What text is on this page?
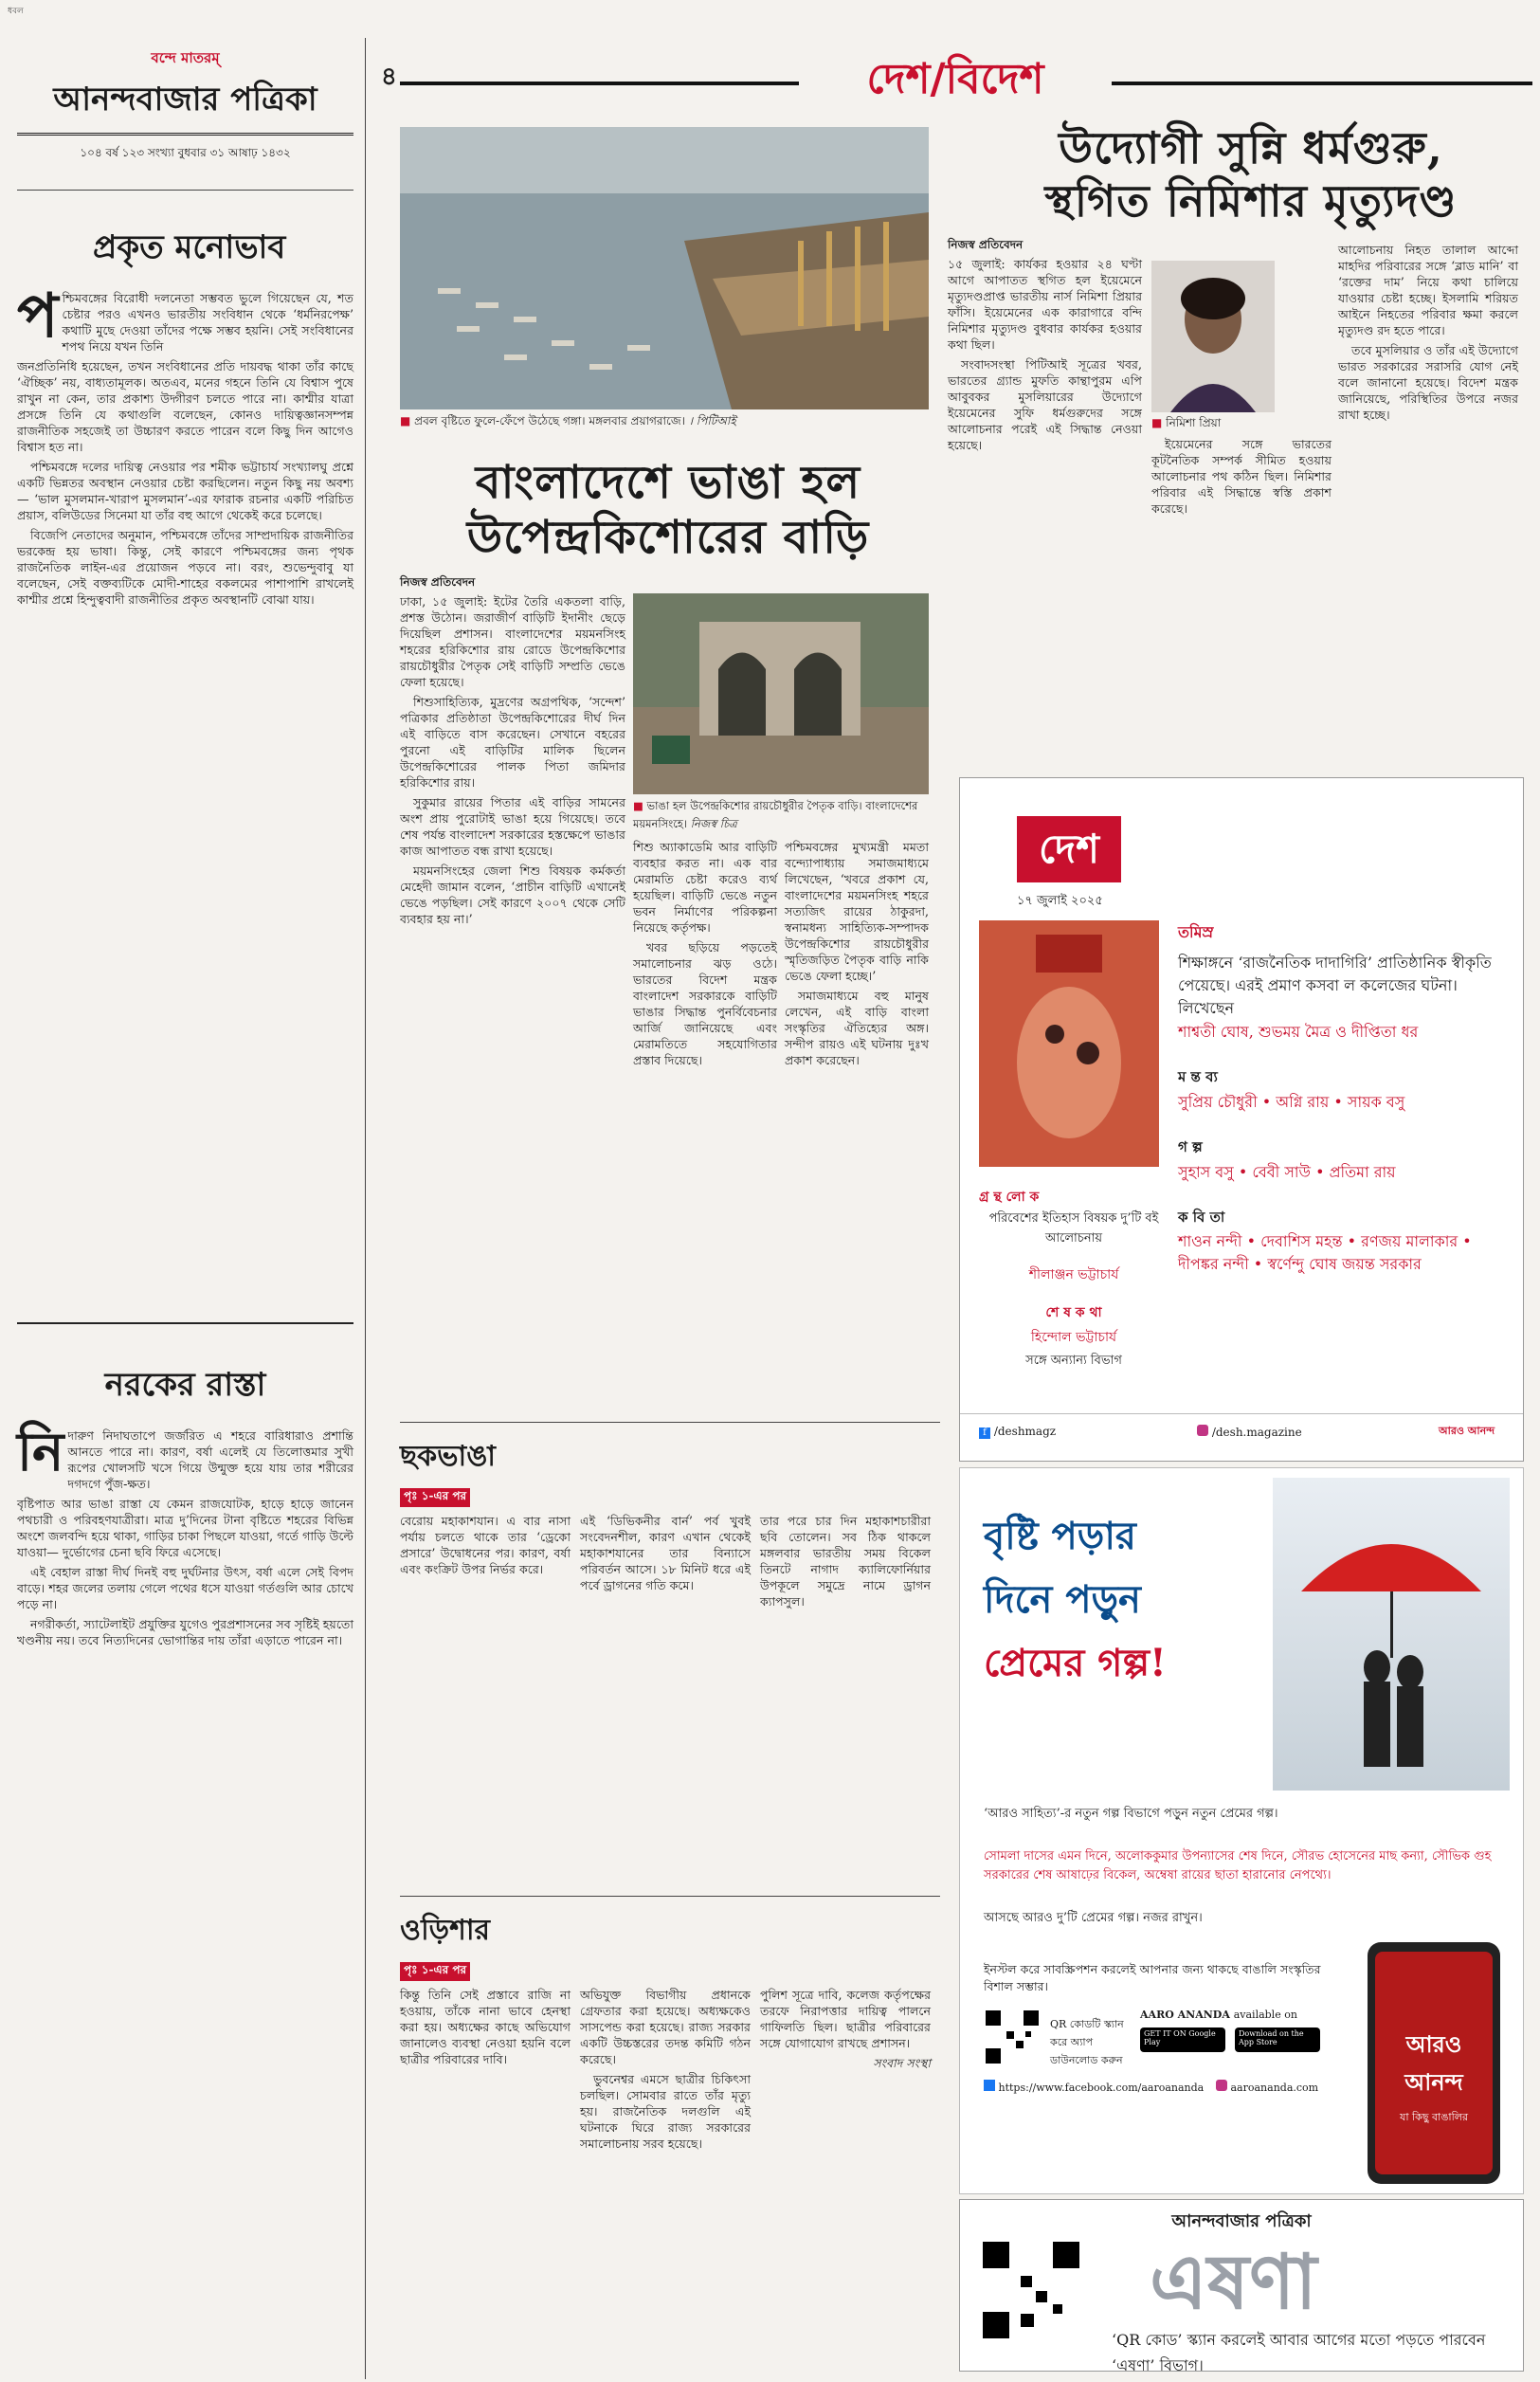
ধবল
৪	দেশ/বিদেশ
বন্দে মাতরম্
আনন্দবাজার পত্রিকা
১০৪ বর্ষ ১২৩ সংখ্যা বুধবার ৩১ আষাঢ় ১৪৩২
প্রকৃত মনোভাব
প শ্চিমবঙ্গের বিরোধী দলনেতা সম্ভবত ভুলে গিয়েছেন যে, শত চেষ্টার পরও এখনও ভারতীয় সংবিধান থেকে ‘ধর্মনিরপেক্ষ’ কথাটি মুছে দেওয়া তাঁদের পক্ষে সম্ভব হয়নি। সেই সংবিধানের শপথ নিয়ে যখন তিনি

জনপ্রতিনিধি হয়েছেন, তখন সংবিধানের প্রতি দায়বদ্ধ থাকা তাঁর কাছে ‘ঐচ্ছিক’ নয়, বাধ্যতামূলক। অতএব, মনের গহনে তিনি যে বিশ্বাস পুষে রাখুন না কেন, তার প্রকাশ্য উদ্গীরণ চলতে পারে না। কাশ্মীর যাত্রা প্রসঙ্গে তিনি যে কথাগুলি বলেছেন, কোনও দায়িত্বজ্ঞানসম্পন্ন রাজনীতিক সহজেই তা উচ্চারণ করতে পারেন বলে কিছু দিন আগেও বিশ্বাস হত না।

পশ্চিমবঙ্গে দলের দায়িত্ব নেওয়ার পর শমীক ভট্টাচার্য সংখ্যালঘু প্রশ্নে একটি ভিন্নতর অবস্থান নেওয়ার চেষ্টা করছিলেন। নতুন কিছু নয় অবশ্য— ‘ভাল মুসলমান-খারাপ মুসলমান’-এর ফারাক রচনার একটি পরিচিত প্রয়াস, বলিউডের সিনেমা যা তাঁর বহু আগে থেকেই করে চলেছে।

বিজেপি নেতাদের অনুমান, পশ্চিমবঙ্গে তাঁদের সাম্প্রদায়িক রাজনীতির ভরকেন্দ্র হয় ভাষা। কিন্তু, সেই কারণে পশ্চিমবঙ্গের জন্য পৃথক রাজনৈতিক লাইন-এর প্রয়োজন পড়বে না। বরং, শুভেন্দুবাবু যা বলেছেন, সেই বক্তব্যটিকে মোদী-শাহের বকলমের পাশাপাশি রাখলেই কাশ্মীর প্রশ্নে হিন্দুত্ববাদী রাজনীতির প্রকৃত অবস্থানটি বোঝা যায়।

নরকের রাস্তা
নি দারুণ নিদাঘতাপে জর্জরিত এ শহরে বারিধারাও প্রশান্তি আনতে পারে না। কারণ, বর্ষা এলেই যে তিলোত্তমার সুখী রূপের খোলসটি খসে গিয়ে উন্মুক্ত হয়ে যায় তার শরীরের দগদগে পুঁজ-ক্ষত।

বৃষ্টিপাত আর ভাঙা রাস্তা যে কেমন রাজযোটক, হাড়ে হাড়ে জানেন পথচারী ও পরিবহণযাত্রীরা। মাত্র দু’দিনের টানা বৃষ্টিতে শহরের বিভিন্ন অংশে জলবন্দি হয়ে থাকা, গাড়ির চাকা পিছলে যাওয়া, গর্তে গাড়ি উল্টে যাওয়া— দুর্ভোগের চেনা ছবি ফিরে এসেছে।

এই বেহাল রাস্তা দীর্ঘ দিনই বহু দুর্ঘটনার উৎস, বর্ষা এলে সেই বিপদ বাড়ে। শহর জলের তলায় গেলে পথের ধসে যাওয়া গর্তগুলি আর চোখে পড়ে না।

নগরীকর্তা, স্যাটেলাইট প্রযুক্তির যুগেও পুরপ্রশাসনের সব সৃষ্টিই হয়তো খণ্ডনীয় নয়। তবে নিত্যদিনের ভোগান্তির দায় তাঁরা এড়াতে পারেন না।

■ প্রবল বৃষ্টিতে ফুলে-ফেঁপে উঠেছে গঙ্গা। মঙ্গলবার প্রয়াগরাজে। । পিটিআই
উদ্যোগী সুন্নি ধর্মগুরু,
স্থগিত নিমিশার মৃত্যুদণ্ড
নিজস্ব প্রতিবেদন
■ নিমিশা প্রিয়া

১৫ জুলাই: কার্যকর হওয়ার ২৪ ঘণ্টা আগে আপাতত স্থগিত হল ইয়েমেনে মৃত্যুদণ্ডপ্রাপ্ত ভারতীয় নার্স নিমিশা প্রিয়ার ফাঁসি। ইয়েমেনের এক কারাগারে বন্দি নিমিশার মৃত্যুদণ্ড বুধবার কার্যকর হওয়ার কথা ছিল।

সংবাদসংস্থা পিটিআই সূত্রের খবর, ভারতের গ্র্যান্ড মুফতি কান্থাপুরম এপি আবুবকর মুসলিয়ারের উদ্যোগে ইয়েমেনের সুফি ধর্মগুরুদের সঙ্গে আলোচনার পরেই এই সিদ্ধান্ত নেওয়া হয়েছে।	ইয়েমেনের সঙ্গে ভারতের কূটনৈতিক সম্পর্ক সীমিত হওয়ায় আলোচনার পথ কঠিন ছিল। নিমিশার পরিবার এই সিদ্ধান্তে স্বস্তি প্রকাশ করেছে।

আলোচনায় নিহত তালাল আব্দো মাহদির পরিবারের সঙ্গে ‘ব্লাড মানি’ বা ‘রক্তের দাম’ নিয়ে কথা চালিয়ে যাওয়ার চেষ্টা হচ্ছে। ইসলামি শরিয়ত আইনে নিহতের পরিবার ক্ষমা করলে মৃত্যুদণ্ড রদ হতে পারে।

তবে মুসলিয়ার ও তাঁর এই উদ্যোগে ভারত সরকারের সরাসরি যোগ নেই বলে জানানো হয়েছে। বিদেশ মন্ত্রক জানিয়েছে, পরিস্থিতির উপরে নজর রাখা হচ্ছে।

বাংলাদেশে ভাঙা হল
উপেন্দ্রকিশোরের বাড়ি
নিজস্ব প্রতিবেদন
■ ভাঙা হল উপেন্দ্রকিশোর রায়চৌধুরীর পৈতৃক বাড়ি। বাংলাদেশের ময়মনসিংহে। নিজস্ব চিত্র

ঢাকা, ১৫ জুলাই: ইটের তৈরি একতলা বাড়ি, প্রশস্ত উঠোন। জরাজীর্ণ বাড়িটি ইদানীং ছেড়ে দিয়েছিল প্রশাসন। বাংলাদেশের ময়মনসিংহ শহরের হরিকিশোর রায় রোডে উপেন্দ্রকিশোর রায়চৌধুরীর পৈতৃক সেই বাড়িটি সম্প্রতি ভেঙে ফেলা হয়েছে।

শিশুসাহিত্যিক, মুদ্রণের অগ্রপথিক, ‘সন্দেশ’ পত্রিকার প্রতিষ্ঠাতা উপেন্দ্রকিশোরের দীর্ঘ দিন এই বাড়িতে বাস করেছেন। সেখানে বহরের পুরনো এই বাড়িটির মালিক ছিলেন উপেন্দ্রকিশোরের পালক পিতা জমিদার হরিকিশোর রায়।

সুকুমার রায়ের পিতার এই বাড়ির সামনের অংশ প্রায় পুরোটাই ভাঙা হয়ে গিয়েছে। তবে শেষ পর্যন্ত বাংলাদেশ সরকারের হস্তক্ষেপে ভাঙার কাজ আপাতত বন্ধ রাখা হয়েছে।

ময়মনসিংহের জেলা শিশু বিষয়ক কর্মকর্তা মেহেদী জামান বলেন, ‘প্রাচীন বাড়িটি এখানেই ভেঙে পড়ছিল। সেই কারণে ২০০৭ থেকে সেটি ব্যবহার হয় না।’

শিশু অ্যাকাডেমি আর বাড়িটি ব্যবহার করত না। এক বার মেরামতি চেষ্টা করেও ব্যর্থ হয়েছিল। বাড়িটি ভেঙে নতুন ভবন নির্মাণের পরিকল্পনা নিয়েছে কর্তৃপক্ষ।

খবর ছড়িয়ে পড়তেই সমালোচনার ঝড় ওঠে। ভারতের বিদেশ মন্ত্রক বাংলাদেশ সরকারকে বাড়িটি ভাঙার সিদ্ধান্ত পুনর্বিবেচনার আর্জি জানিয়েছে এবং মেরামতিতে সহযোগিতার প্রস্তাব দিয়েছে।

পশ্চিমবঙ্গের মুখ্যমন্ত্রী মমতা বন্দ্যোপাধ্যায় সমাজমাধ্যমে লিখেছেন, ‘খবরে প্রকাশ যে, বাংলাদেশের ময়মনসিংহ শহরে সত্যজিৎ রায়ের ঠাকুরদা, স্বনামধন্য সাহিত্যিক-সম্পাদক উপেন্দ্রকিশোর রায়চৌধুরীর স্মৃতিজড়িত পৈতৃক বাড়ি নাকি ভেঙে ফেলা হচ্ছে।’

সমাজমাধ্যমে বহু মানুষ লেখেন, এই বাড়ি বাংলা সংস্কৃতির ঐতিহ্যের অঙ্গ। সন্দীপ রায়ও এই ঘটনায় দুঃখ প্রকাশ করেছেন।

ছকভাঙা
পৃঃ ১-এর পর

বেরোয় মহাকাশযান। এ বার নাসা পর্যায় চলতে থাকে তার ‘ড্রেকো প্রসারে’ উদ্বোধনের পর। কারণ, বর্ষা এবং কংক্রিট উপর নির্ভর করে।

এই ‘ডিভিকনীর বার্ন’ পর্ব খুবই সংবেদনশীল, কারণ এখান থেকেই মহাকাশযানের তার বিন্যাসে পরিবর্তন আসে। ১৮ মিনিট ধরে এই পর্বে ড্রাগনের গতি কমে।

তার পরে চার দিন মহাকাশচারীরা ছবি তোলেন। সব ঠিক থাকলে মঙ্গলবার ভারতীয় সময় বিকেল তিনটে নাগাদ ক্যালিফোর্নিয়ার উপকূলে সমুদ্রে নামে ড্রাগন ক্যাপসুল।

ওড়িশার
পৃঃ ১-এর পর

কিন্তু তিনি সেই প্রস্তাবে রাজি না হওয়ায়, তাঁকে নানা ভাবে হেনস্থা করা হয়। অধ্যক্ষের কাছে অভিযোগ জানালেও ব্যবস্থা নেওয়া হয়নি বলে ছাত্রীর পরিবারের দাবি।

অভিযুক্ত বিভাগীয় প্রধানকে গ্রেফতার করা হয়েছে। অধ্যক্ষকেও সাসপেন্ড করা হয়েছে। রাজ্য সরকার একটি উচ্চস্তরের তদন্ত কমিটি গঠন করেছে।

ভুবনেশ্বর এমসে ছাত্রীর চিকিৎসা চলছিল। সোমবার রাতে তাঁর মৃত্যু হয়। রাজনৈতিক দলগুলি এই ঘটনাকে ঘিরে রাজ্য সরকারের সমালোচনায় সরব হয়েছে।

পুলিশ সূত্রে দাবি, কলেজ কর্তৃপক্ষের তরফে নিরাপত্তার দায়িত্ব পালনে গাফিলতি ছিল। ছাত্রীর পরিবারের সঙ্গে যোগাযোগ রাখছে প্রশাসন।

সংবাদ সংস্থা

দেশ
১৭ জুলাই ২০২৫
গ্র ন্থ লো ক
পরিবেশের ইতিহাস বিষয়ক দু’টি বই আলোচনায়
শীলাঞ্জন ভট্টাচার্য
শে ষ ক থা
হিন্দোল ভট্টাচার্য
সঙ্গে অন্যান্য বিভাগ
তমিস্র
শিক্ষাঙ্গনে ‘রাজনৈতিক দাদাগিরি’ প্রাতিষ্ঠানিক স্বীকৃতি পেয়েছে। এরই প্রমাণ কসবা ল কলেজের ঘটনা। লিখেছেন
শাশ্বতী ঘোষ, শুভময় মৈত্র ও দীপ্তিতা ধর
ম ন্ত ব্য
সুপ্রিয় চৌধুরী • অগ্নি রায় • সায়ক বসু
গ ল্প
সুহাস বসু • বেবী সাউ • প্রতিমা রায়
ক বি তা
শাওন নন্দী • দেবাশিস মহন্ত • রণজয় মালাকার • দীপঙ্কর নন্দী • স্বর্ণেন্দু ঘোষ জয়ন্ত সরকার
f /deshmagz	/desh.magazine	আরও আনন্দ
বৃষ্টি পড়ার
দিনে পড়ুন
প্রেমের গল্প!
‘আরও সাহিত্য’-র নতুন গল্প বিভাগে পড়ুন নতুন প্রেমের গল্প।
সোমলা দাসের এমন দিনে, অলোককুমার উপন্যাসের শেষ দিনে, সৌরভ হোসেনের মাছ কন্যা, সৌভিক গুহ সরকারের শেষ আষাঢ়ের বিকেল, অম্বেষা রায়ের ছাতা হারানোর নেপথ্যে।
আসছে আরও দু’টি প্রেমের গল্প। নজর রাখুন।
ইনস্টল করে সাবস্ক্রিপশন করলেই আপনার জন্য থাকছে বাঙালি সংস্কৃতির বিশাল সম্ভার।
QR কোডটি স্ক্যান করে অ্যাপ ডাউনলোড করুন
AARO ANANDA available on
GET IT ON Google Play
Download on the App Store
https://www.facebook.com/aaroananda	aaroananda.com
আরও আনন্দ
যা কিছু বাঙালির
আনন্দবাজার পত্রিকা
এষণা
‘QR কোড’ স্ক্যান করলেই আবার আগের মতো পড়তে পারবেন ‘এষণা’ বিভাগ।
